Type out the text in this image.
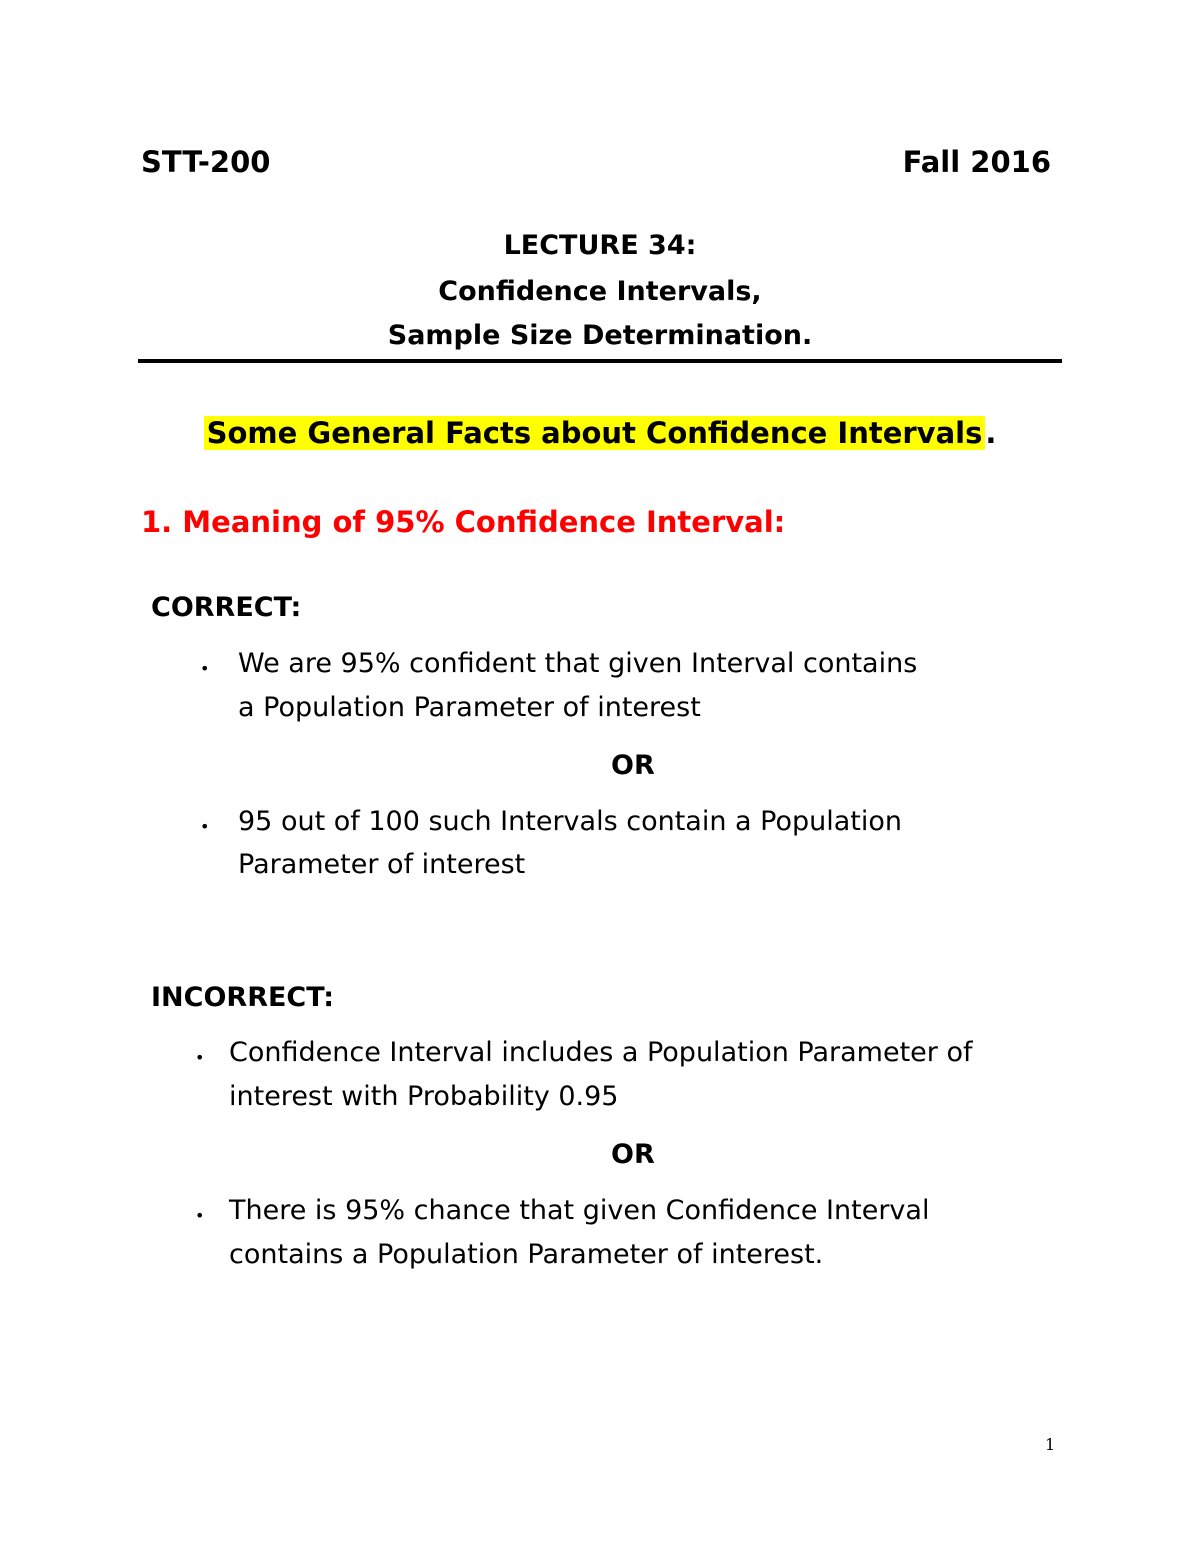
STT-200	Fall 2016
LECTURE 34:
Confidence Intervals,
Sample Size Determination.
Some General Facts about Confidence Intervals .
1. Meaning of 95% Confidence Interval:
CORRECT:
• We are 95% confident that given Interval contains
a Population Parameter of interest
OR
• 95 out of 100 such Intervals contain a Population
Parameter of interest
INCORRECT:
• Confidence Interval includes a Population Parameter of
interest with Probability 0.95
OR
• There is 95% chance that given Confidence Interval
contains a Population Parameter of interest.
1
